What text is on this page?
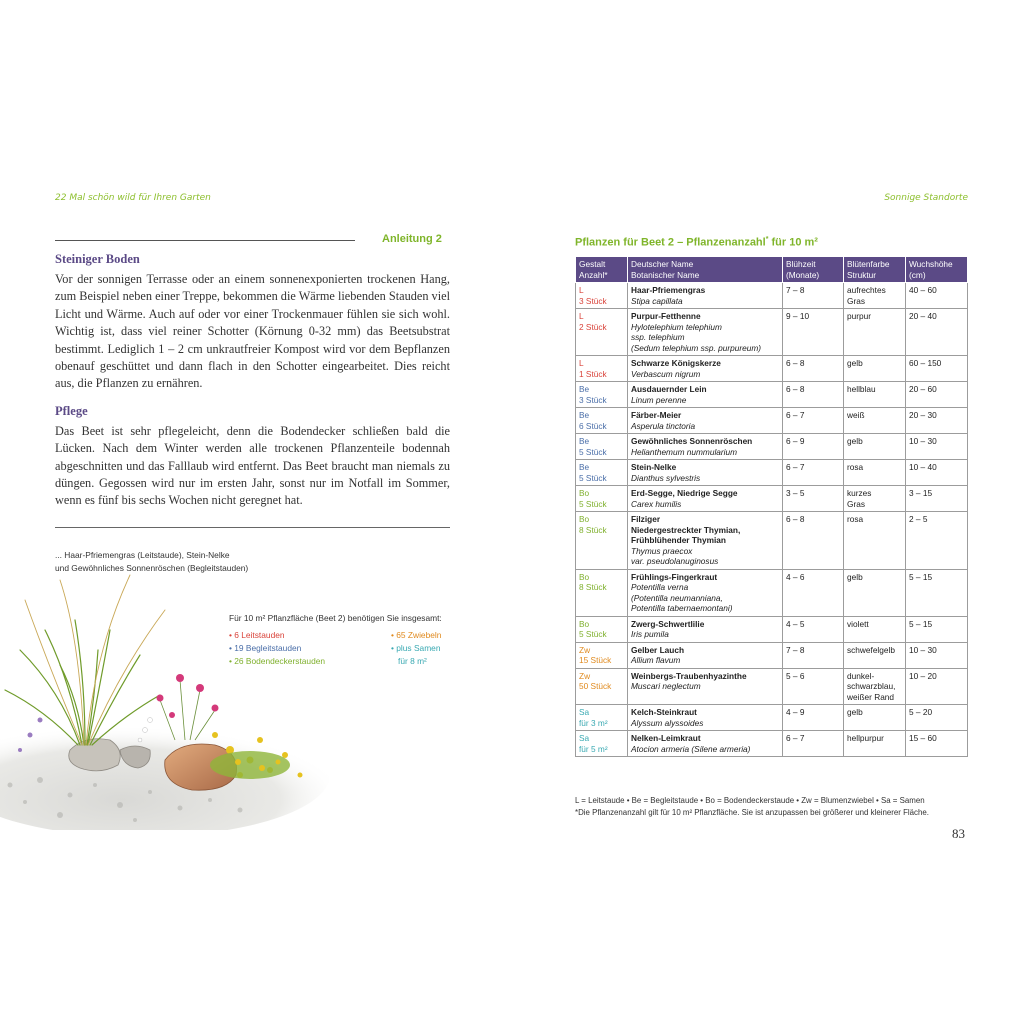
22 Mal schön wild für Ihren Garten	Sonnige Standorte
Anleitung 2
Steiniger Boden

Vor der sonnigen Terrasse oder an einem sonnenexponierten trockenen Hang, zum Beispiel neben einer Treppe, bekommen die Wärme liebenden Stauden viel Licht und Wärme. Auch auf oder vor einer Trockenmauer fühlen sie sich wohl. Wichtig ist, dass viel reiner Schotter (Körnung 0-32 mm) das Beetsubstrat bestimmt. Lediglich 1 – 2 cm unkrautfreier Kompost wird vor dem Bepflanzen obenauf geschüttet und dann flach in den Schotter eingearbeitet. Dies reicht aus, die Pflanzen zu ernähren.

Pflege

Das Beet ist sehr pflegeleicht, denn die Bodendecker schließen bald die Lücken. Nach dem Winter werden alle trockenen Pflanzenteile bodennah abgeschnitten und das Falllaub wird entfernt. Das Beet braucht man niemals zu düngen. Gegossen wird nur im ersten Jahr, sonst nur im Notfall im Sommer, wenn es fünf bis sechs Wochen nicht geregnet hat.

... Haar-Pfriemengras (Leitstaude), Stein-Nelke
und Gewöhnliches Sonnenröschen (Begleitstauden)
Für 10 m² Pflanzfläche (Beet 2) benötigen Sie insgesamt:
• 6 Leitstauden
• 19 Begleitstauden
• 26 Bodendeckerstauden
• 65 Zwiebeln
• plus Samen
für 8 m²
Pflanzen für Beet 2 – Pflanzenanzahl* für 10 m²
Gestalt
Anzahl*	Deutscher Name
Botanischer Name	Blühzeit
(Monate)	Blütenfarbe
Struktur	Wuchshöhe
(cm)

L
3 Stück	Haar-Pfriemengras
Stipa capillata	7 – 8	aufrechtes
Gras	40 – 60

L
2 Stück	Purpur-Fetthenne
Hylotelephium telephium
ssp. telephium
(Sedum telephium ssp. purpureum)	9 – 10	purpur	20 – 40

L
1 Stück	Schwarze Königskerze
Verbascum nigrum	6 – 8	gelb	60 – 150

Be
3 Stück	Ausdauernder Lein
Linum perenne	6 – 8	hellblau	20 – 60

Be
6 Stück	Färber-Meier
Asperula tinctoria	6 – 7	weiß	20 – 30

Be
5 Stück	Gewöhnliches Sonnenröschen
Helianthemum nummularium	6 – 9	gelb	10 – 30

Be
5 Stück	Stein-Nelke
Dianthus sylvestris	6 – 7	rosa	10 – 40

Bo
5 Stück	Erd-Segge, Niedrige Segge
Carex humilis	3 – 5	kurzes
Gras	3 – 15

Bo
8 Stück	Filziger
Niedergestreckter Thymian,
Frühblühender Thymian
Thymus praecox
var. pseudolanuginosus	6 – 8	rosa	2 – 5

Bo
8 Stück	Frühlings-Fingerkraut
Potentilla verna
(Potentilla neumanniana,
Potentilla tabernaemontani)	4 – 6	gelb	5 – 15

Bo
5 Stück	Zwerg-Schwertlilie
Iris pumila	4 – 5	violett	5 – 15

Zw
15 Stück	Gelber Lauch
Allium flavum	7 – 8	schwefelgelb	10 – 30

Zw
50 Stück	Weinbergs-Traubenhyazinthe
Muscari neglectum	5 – 6	dunkel-
schwarzblau,
weißer Rand	10 – 20

Sa
für 3 m²	Kelch-Steinkraut
Alyssum alyssoides	4 – 9	gelb	5 – 20

Sa
für 5 m²	Nelken-Leimkraut
Atocion armeria (Silene armeria)	6 – 7	hellpurpur	15 – 60
L = Leitstaude • Be = Begleitstaude • Bo = Bodendeckerstaude • Zw = Blumenzwiebel • Sa = Samen
*Die Pflanzenanzahl gilt für 10 m² Pflanzfläche. Sie ist anzupassen bei größerer und kleinerer Fläche.
83
